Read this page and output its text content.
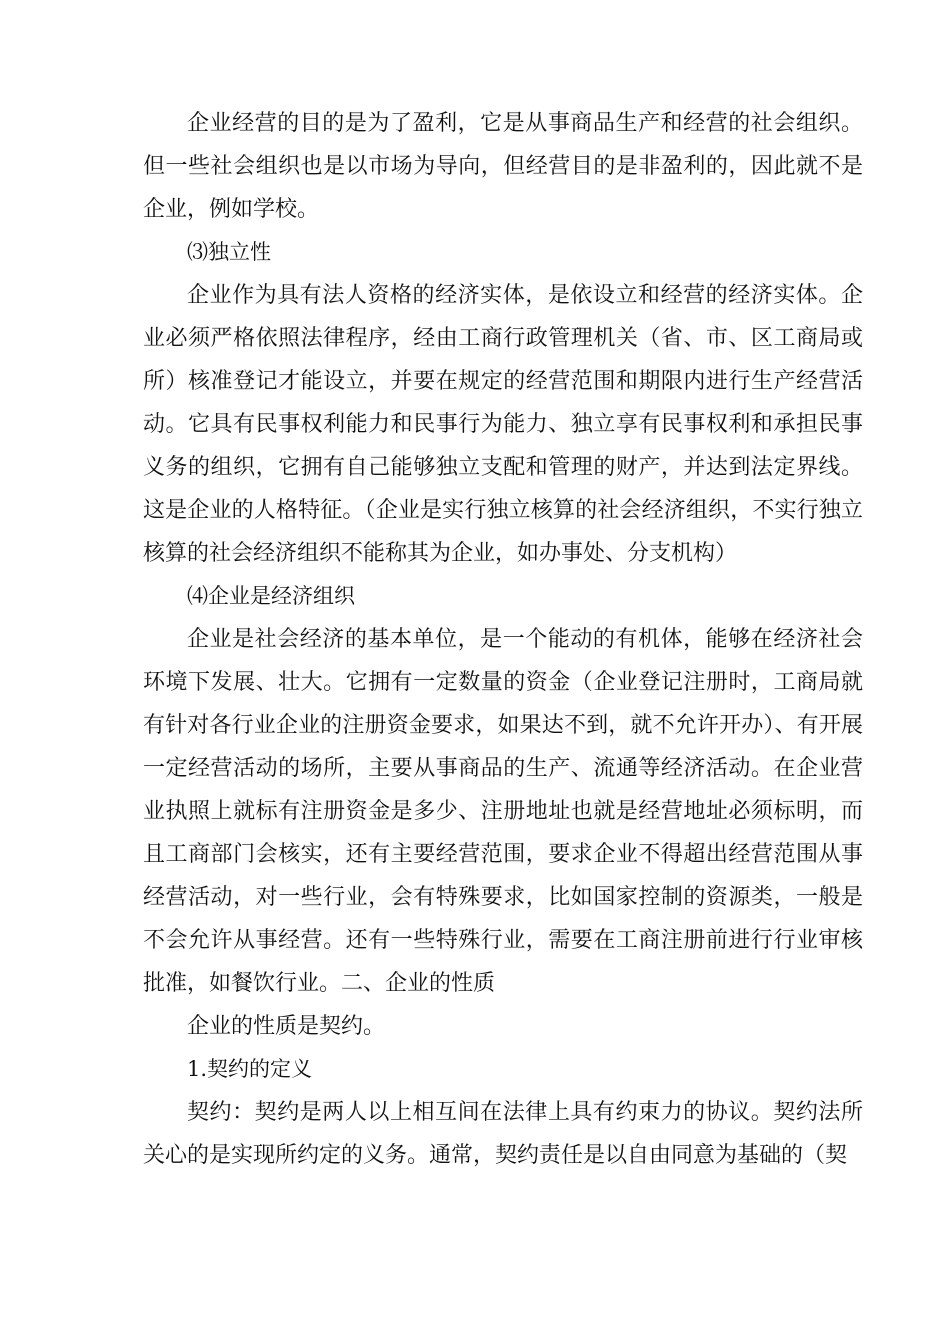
企业经营的目的是为了盈利，它是从事商品生产和经营的社会组织。但一些社会组织也是以市场为导向，但经营目的是非盈利的，因此就不是企业，例如学校。

⑶独立性

企业作为具有法人资格的经济实体，是依设立和经营的经济实体。企业必须严格依照法律程序，经由工商行政管理机关（省、市、区工商局或所）核准登记才能设立，并要在规定的经营范围和期限内进行生产经营活动。它具有民事权利能力和民事行为能力、独立享有民事权利和承担民事义务的组织，它拥有自己能够独立支配和管理的财产，并达到法定界线。这是企业的人格特征。（企业是实行独立核算的社会经济组织，不实行独立核算的社会经济组织不能称其为企业，如办事处、分支机构）

⑷企业是经济组织

企业是社会经济的基本单位，是一个能动的有机体，能够在经济社会环境下发展、壮大。它拥有一定数量的资金（企业登记注册时，工商局就有针对各行业企业的注册资金要求，如果达不到，就不允许开办）、有开展一定经营活动的场所，主要从事商品的生产、流通等经济活动。在企业营业执照上就标有注册资金是多少、注册地址也就是经营地址必须标明，而且工商部门会核实，还有主要经营范围，要求企业不得超出经营范围从事经营活动，对一些行业，会有特殊要求，比如国家控制的资源类，一般是不会允许从事经营。还有一些特殊行业，需要在工商注册前进行行业审核批准，如餐饮行业。二、企业的性质

企业的性质是契约。

1.契约的定义

契约：契约是两人以上相互间在法律上具有约束力的协议。契约法所关心的是实现所约定的义务。通常，契约责任是以自由同意为基础的（契
